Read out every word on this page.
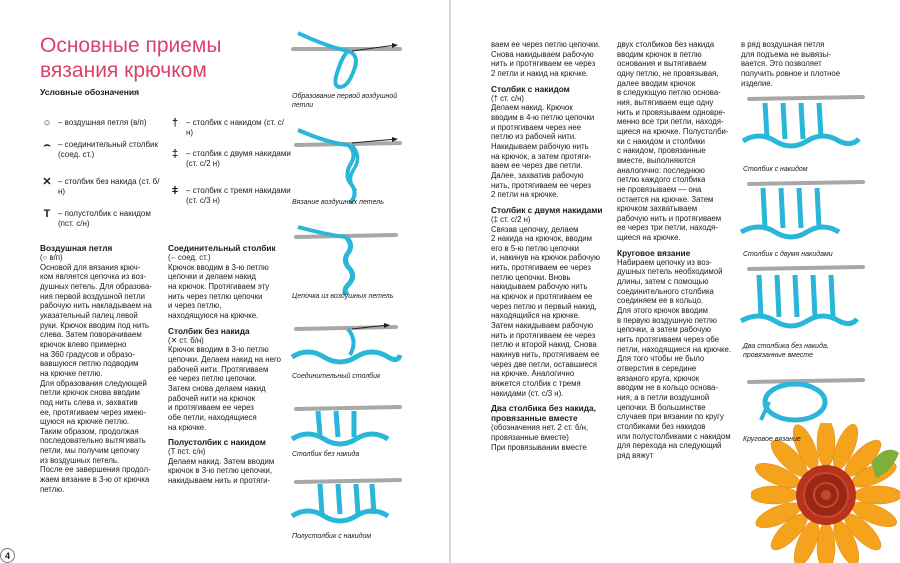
Основные приемы вязания крючком
Условные обозначения
○ – воздушная петля (в/п)
⌢ – соединительный столбик (соед. ст.)
✕ – столбик без накида (ст. б/н)
T – полустолбик с накидом (пст. с/н)
† – столбик с накидом (ст. с/н)
‡ – столбик с двумя накидами (ст. с/2 н)
ǂ – столбик с тремя накидами (ст. с/3 н)
Воздушная петля

(○ в/п)

Основой для вязания крюч-

ком является цепочка из воз-

душных петель. Для образова-

ния первой воздушной петли

рабочую нить накладываем на

указательный палец левой

руки. Крючок вводим под нить

слева. Затем поворачиваем

крючок влево примерно

на 360 градусов и образо-

вавшуюся петлю подводим

на крючке петлю.

Для образования следующей

петли крючок снова вводим

под нить слева и, захватив

ее, протягиваем через имею-

щуюся на крючке петлю.

Таким образом, продолжая

последовательно вытягивать

петли, мы получим цепочку

из воздушных петель.

После ее завершения продол-

жаем вязание в 3-ю от крючка

петлю.

Соединительный столбик

(⌢ соед. ст.)

Крючок вводим в 3-ю петлю

цепочки и делаем накид

на крючок. Протягиваем эту

нить через петлю цепочки

и через петлю,

находящуюся на крючке.

Столбик без накида

(✕ ст. б/н)

Крючок вводим в 3-ю петлю

цепочки. Делаем накид на него

рабочей нити. Протягиваем

ее через петлю цепочки.

Затем снова делаем накид

рабочей нити на крючок

и протягиваем ее через

обе петли, находящиеся

на крючке.

Полустолбик с накидом

(T пст. с/н)

Делаем накид. Затем вводим

крючок в 3-ю петлю цепочки,

накидываем нить и протяги-

4
Образование первой воздушной петли
Вязание воздушных петель
Цепочка из воздушных петель
Соединительный столбик
Столбик без накида
Полустолбик с накидом

ваем ее через петлю цепочки.

Снова накидываем рабочую

нить и протягиваем ее через

2 петли и накид на крючке.

Столбик с накидом

(† ст. с/н)

Делаем накид. Крючок

вводим в 4-ю петлю цепочки

и протягиваем через нее

петлю из рабочей нити.

Накидываем рабочую нить

на крючок, а затем протяги-

ваем ее через две петли.

Далее, захватив рабочую

нить, протягиваем ее через

2 петли на крючке.

Столбик с двумя накидами

(‡ ст. с/2 н)

Связав цепочку, делаем

2 накида на крючок, вводим

его в 5-ю петлю цепочки

и, накинув на крючок рабочую

нить, протягиваем ее через

петлю цепочки. Вновь

накидываем рабочую нить

на крючок и протягиваем ее

через петлю и первый накид,

находящийся на крючке.

Затем накидываем рабочую

нить и протягиваем ее через

петлю и второй накид. Снова

накинув нить, протягиваем ее

через две петли, оставшиеся

на крючке. Аналогично

вяжется столбик с тремя

накидами (ст. с/3 н).

Два столбика без накида, провязанные вместе

(обозначения нет. 2 ст. б/н, провязанные вместе)

При провязывании вместе

двух столбиков без накида

вводим крючок в петлю

основания и вытягиваем

одну петлю, не провязывая,

далее вводим крючок

в следующую петлю основа-

ния, вытягиваем еще одну

нить и провязываем одновре-

менно все три петли, находя-

щиеся на крючке. Полустолби-

ки с накидом и столбики

с накидом, провязанные

вместе, выполняются

аналогично: последнюю

петлю каждого столбика

не провязываем — она

остается на крючке. Затем

крючком захватываем

рабочую нить и протягиваем

ее через три петли, находя-

щиеся на крючке.

Круговое вязание

Набираем цепочку из воз-

душных петель необходимой

длины, затем с помощью

соединительного столбика

соединяем ее в кольцо.

Для этого крючок вводим

в первую воздушную петлю

цепочки, а затем рабочую

нить протягиваем через обе

петли, находящиеся на крючке.

Для того чтобы не было

отверстия в середине

вязаного круга, крючок

вводим не в кольцо основа-

ния, а в петли воздушной

цепочки. В большинстве

случаев при вязании по кругу

столбиками без накидов

или полустолбиками с накидом

для перехода на следующий

ряд вяжут

в ряд воздушная петля

для подъема не вывязы-

вается. Это позволяет

получить ровное и плотное

изделие.

Столбик с накидом
Столбик с двумя накидами
Два столбика без накида, провязанные вместе
Круговое вязание
